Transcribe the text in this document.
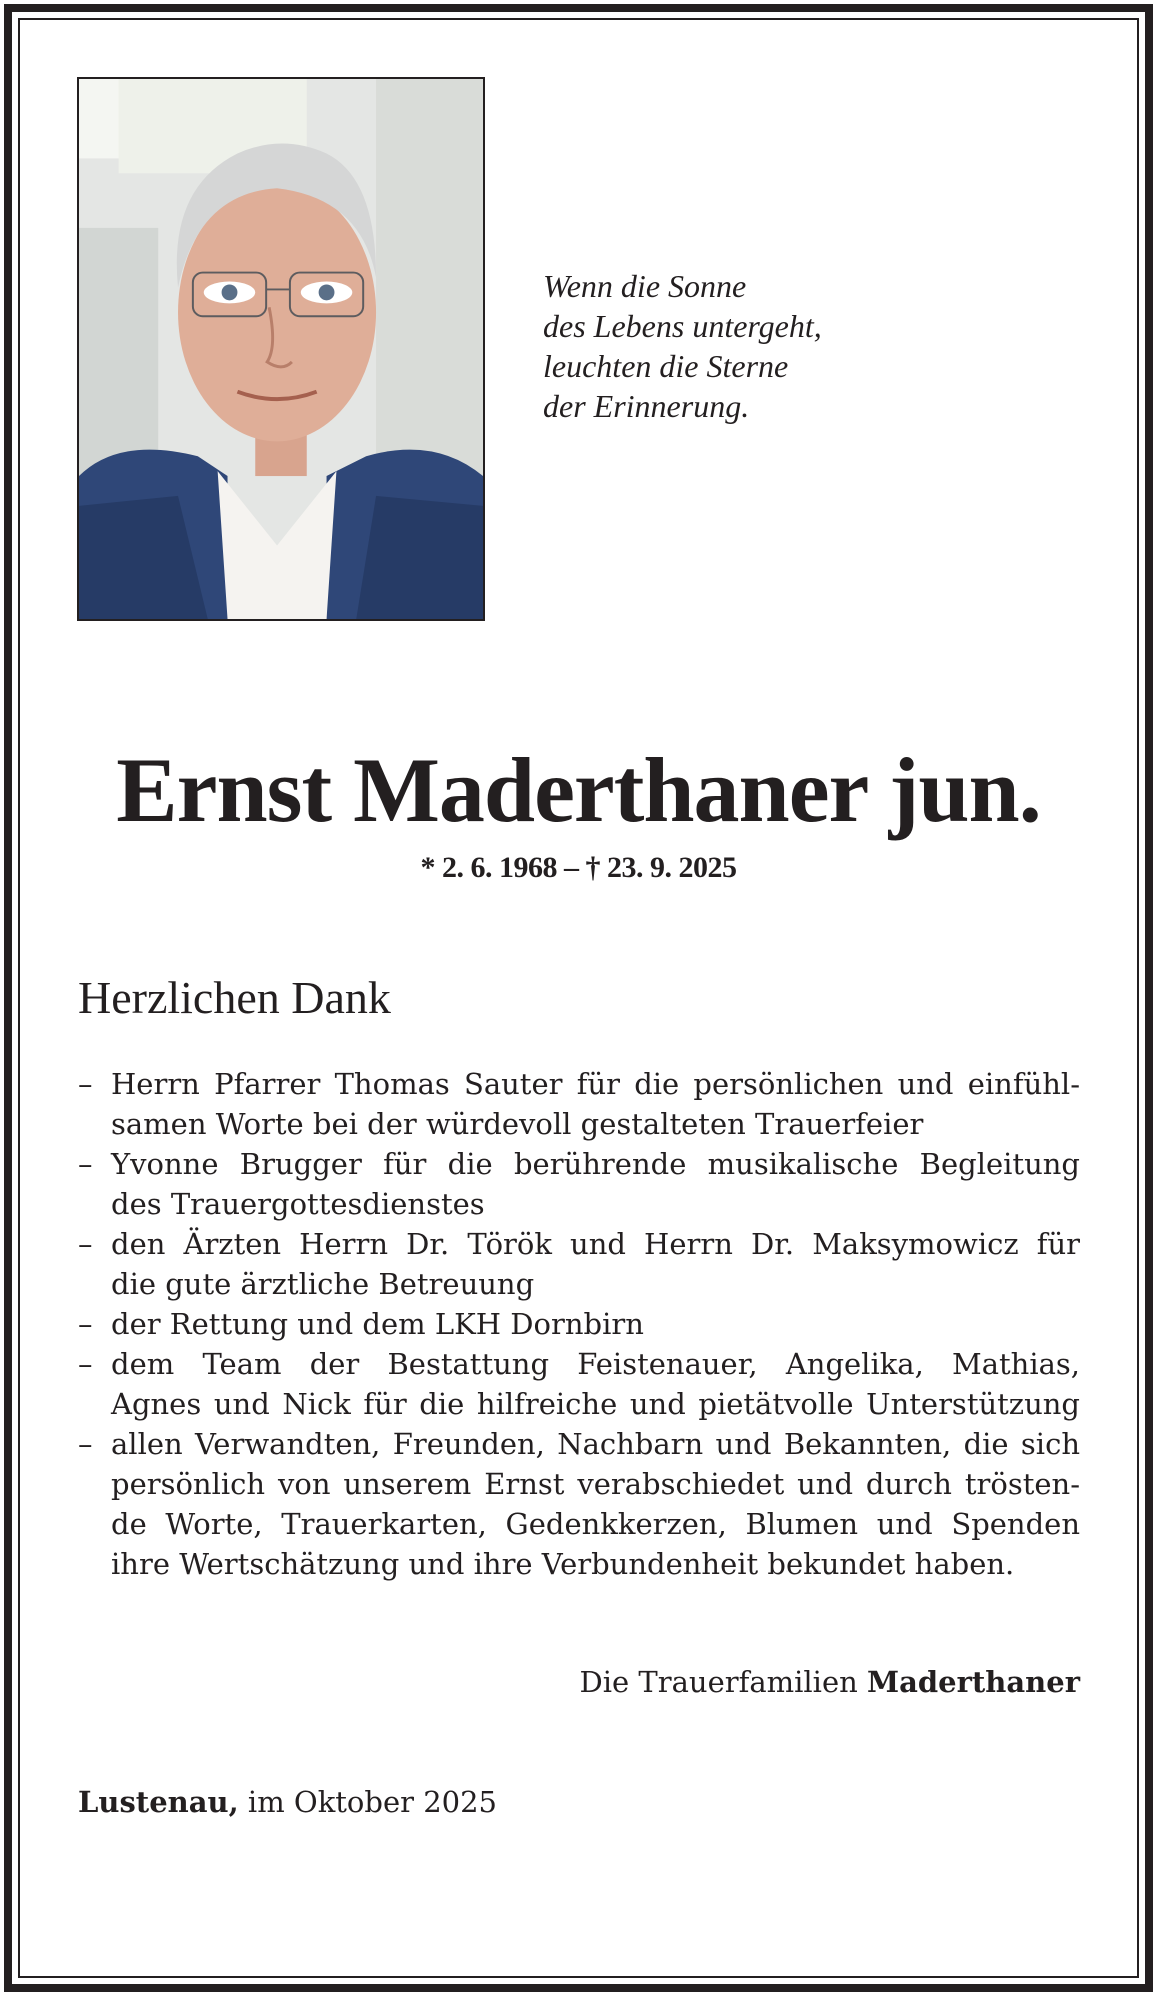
Wenn die Sonne
des Lebens untergeht,
leuchten die Sterne
der Erinnerung.
Ernst Maderthaner jun.
* 2. 6. 1968 – † 23. 9. 2025
Herzlichen Dank
– Herrn Pfarrer Thomas Sauter für die persönlichen und einfühl-
samen Worte bei der würdevoll gestalteten Trauerfeier
– Yvonne Brugger für die berührende musikalische Begleitung
des Trauergottesdienstes
– den Ärzten Herrn Dr. Török und Herrn Dr. Maksymowicz für
die gute ärztliche Betreuung
– der Rettung und dem LKH Dornbirn
– dem Team der Bestattung Feistenauer, Angelika, Mathias,
Agnes und Nick für die hilfreiche und pietätvolle Unterstützung
– allen Verwandten, Freunden, Nachbarn und Bekannten, die sich
persönlich von unserem Ernst verabschiedet und durch trösten-
de Worte, Trauerkarten, Gedenkkerzen, Blumen und Spenden
ihre Wertschätzung und ihre Verbundenheit bekundet haben.
Die Trauerfamilien Maderthaner
Lustenau, im Oktober 2025
